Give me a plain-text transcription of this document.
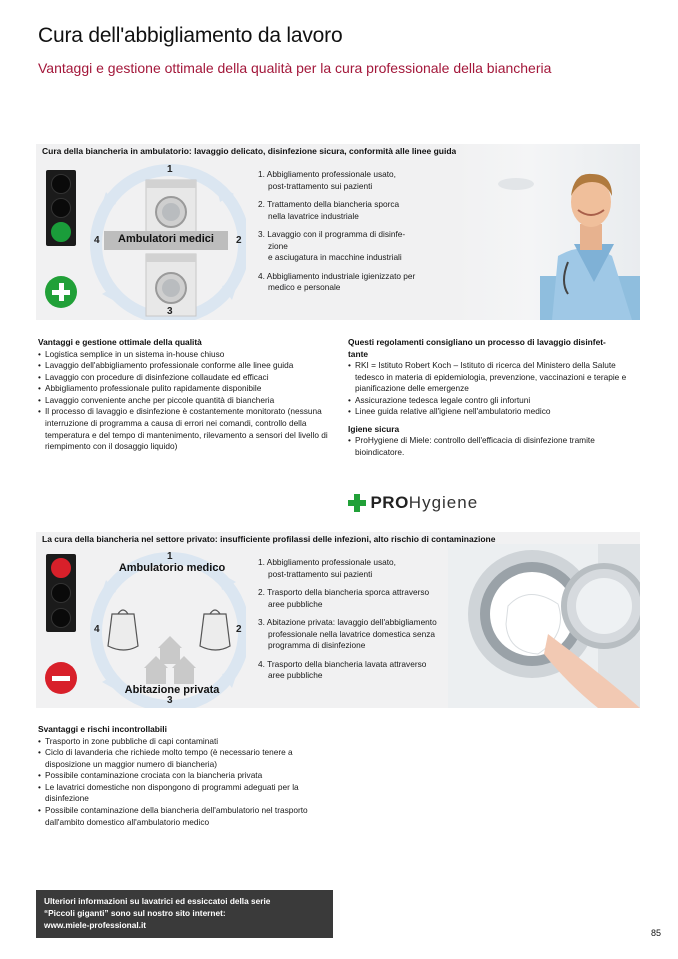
Cura dell'abbigliamento da lavoro

Vantaggi e gestione ottimale della qualità per la cura professionale della biancheria

Cura della biancheria in ambulatorio: lavaggio delicato, disinfezione sicura, conformità alle linee guida
Ambulatori medici
1
2
3
4
1. Abbigliamento professionale usato,
post-trattamento sui pazienti
2. Trattamento della biancheria sporca
nella lavatrice industriale
3. Lavaggio con il programma di disinfe-
zione
e asciugatura in macchine industriali
4. Abbigliamento industriale igienizzato per
medico e personale
Vantaggi e gestione ottimale della qualità
• Logistica semplice in un sistema in-house chiuso
• Lavaggio dell'abbigliamento professionale conforme alle linee guida
• Lavaggio con procedure di disinfezione collaudate ed efficaci
• Abbigliamento professionale pulito rapidamente disponibile
• Lavaggio conveniente anche per piccole quantità di biancheria
• Il processo di lavaggio e disinfezione è costantemente monitorato (nessuna interruzione di programma a causa di errori nei comandi, controllo della temperatura e del tempo di mantenimento, rilevamento a sensori del livello di riempimento con il dosaggio liquido)
Questi regolamenti consigliano un processo di lavaggio disinfet-
tante
• RKI = Istituto Robert Koch – Istituto di ricerca del Ministero della Salute tedesco in materia di epidemiologia, prevenzione, vaccinazioni e terapie e pianificazione delle emergenze
• Assicurazione tedesca legale contro gli infortuni
• Linee guida relative all'igiene nell'ambulatorio medico
Igiene sicura
• ProHygiene di Miele: controllo dell'efficacia di disinfezione tramite bioindicatore.
PROHygiene
La cura della biancheria nel settore privato: insufficiente profilassi delle infezioni, alto rischio di contaminazione
1
Ambulatorio medico
2
Abitazione privata
3
4
1. Abbigliamento professionale usato,
post-trattamento sui pazienti
2. Trasporto della biancheria sporca attraverso
aree pubbliche
3. Abitazione privata: lavaggio dell'abbigliamento
professionale nella lavatrice domestica senza
programma di disinfezione
4. Trasporto della biancheria lavata attraverso
aree pubbliche
Svantaggi e rischi incontrollabili
• Trasporto in zone pubbliche di capi contaminati
• Ciclo di lavanderia che richiede molto tempo (è necessario tenere a disposizione un maggior numero di biancheria)
• Possibile contaminazione crociata con la biancheria privata
• Le lavatrici domestiche non dispongono di programmi adeguati per la disinfezione
• Possibile contaminazione della biancheria dell'ambulatorio nel trasporto dall'ambito domestico all'ambulatorio medico
Ulteriori informazioni su lavatrici ed essiccatoi della serie
“Piccoli giganti” sono sul nostro sito internet:
www.miele-professional.it
85
